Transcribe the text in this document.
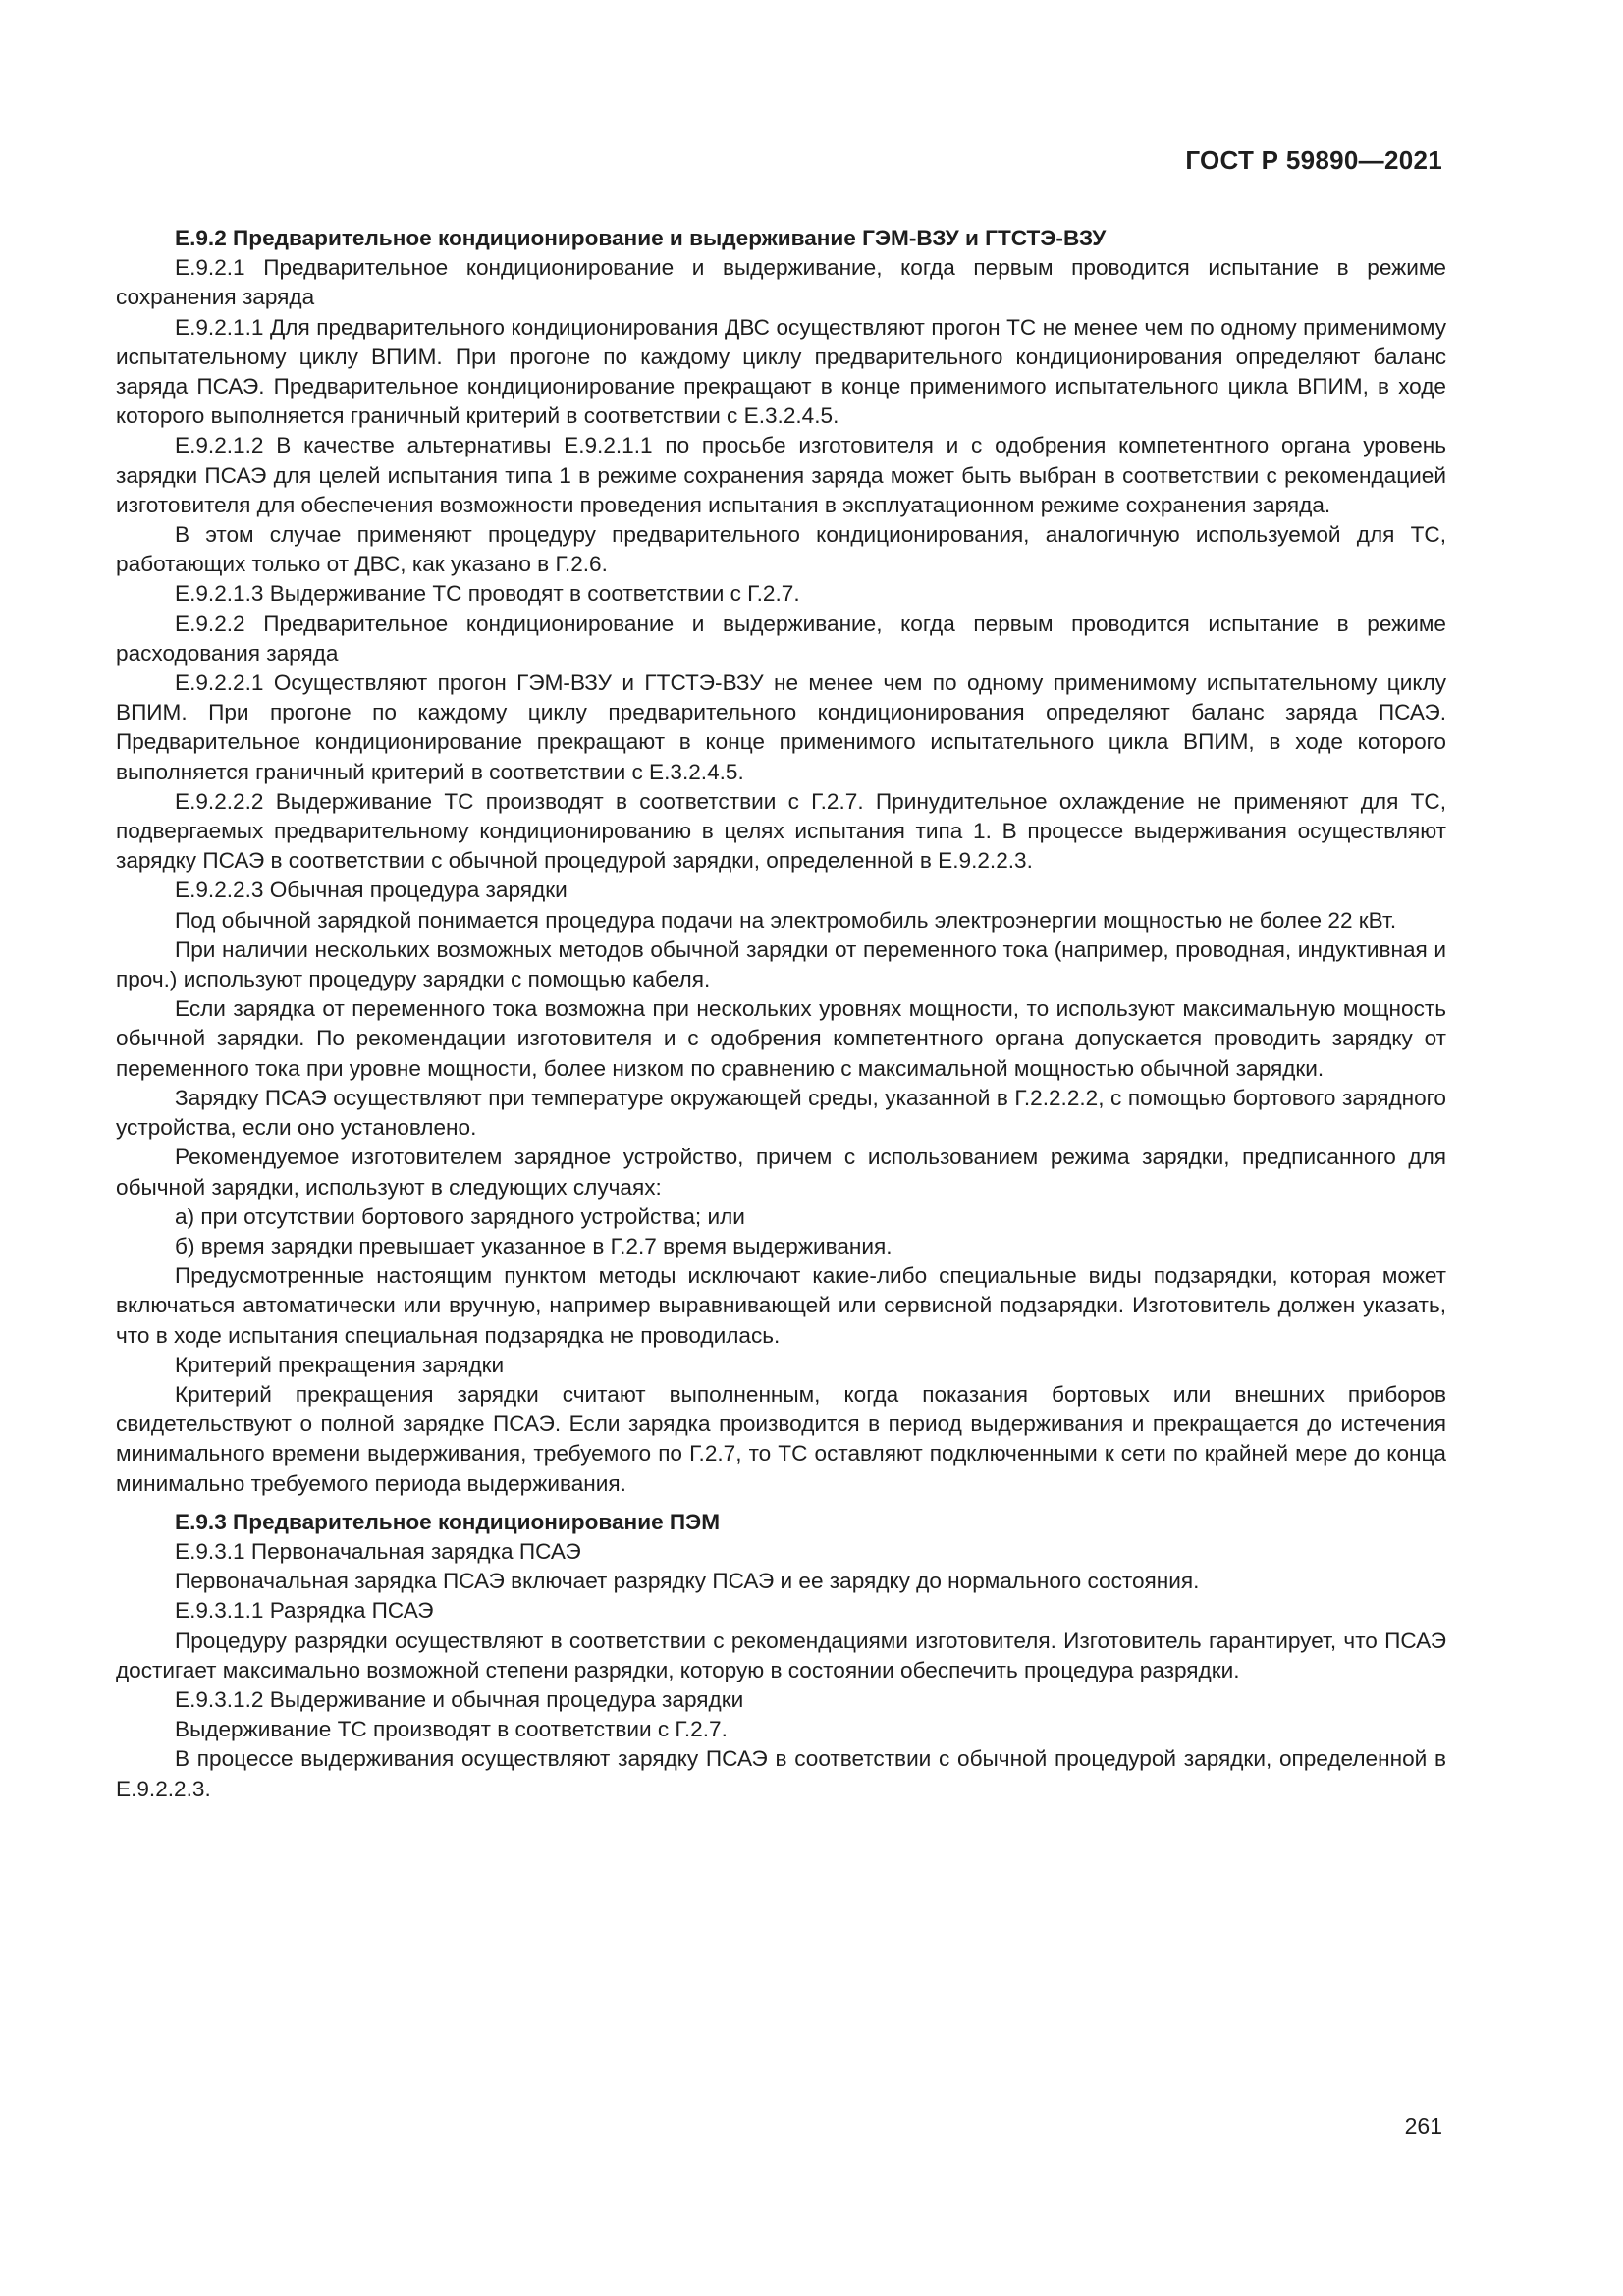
ГОСТ Р 59890—2021

Е.9.2 Предварительное кондиционирование и выдерживание ГЭМ-ВЗУ и ГТСТЭ-ВЗУ

Е.9.2.1 Предварительное кондиционирование и выдерживание, когда первым проводится испытание в режиме сохранения заряда

Е.9.2.1.1 Для предварительного кондиционирования ДВС осуществляют прогон ТС не менее чем по одному применимому испытательному циклу ВПИМ. При прогоне по каждому циклу предварительного кондиционирования определяют баланс заряда ПСАЭ. Предварительное кондиционирование прекращают в конце применимого испытательного цикла ВПИМ, в ходе которого выполняется граничный критерий в соответствии с Е.3.2.4.5.

Е.9.2.1.2 В качестве альтернативы Е.9.2.1.1 по просьбе изготовителя и с одобрения компетентного органа уровень зарядки ПСАЭ для целей испытания типа 1 в режиме сохранения заряда может быть выбран в соответствии с рекомендацией изготовителя для обеспечения возможности проведения испытания в эксплуатационном режиме сохранения заряда.

В этом случае применяют процедуру предварительного кондиционирования, аналогичную используемой для ТС, работающих только от ДВС, как указано в Г.2.6.

Е.9.2.1.3 Выдерживание ТС проводят в соответствии с Г.2.7.

Е.9.2.2 Предварительное кондиционирование и выдерживание, когда первым проводится испытание в режиме расходования заряда

Е.9.2.2.1 Осуществляют прогон ГЭМ-ВЗУ и ГТСТЭ-ВЗУ не менее чем по одному применимому испытательному циклу ВПИМ. При прогоне по каждому циклу предварительного кондиционирования определяют баланс заряда ПСАЭ. Предварительное кондиционирование прекращают в конце применимого испытательного цикла ВПИМ, в ходе которого выполняется граничный критерий в соответствии с Е.3.2.4.5.

Е.9.2.2.2 Выдерживание ТС производят в соответствии с Г.2.7. Принудительное охлаждение не применяют для ТС, подвергаемых предварительному кондиционированию в целях испытания типа 1. В процессе выдерживания осуществляют зарядку ПСАЭ в соответствии с обычной процедурой зарядки, определенной в Е.9.2.2.3.

Е.9.2.2.3 Обычная процедура зарядки

Под обычной зарядкой понимается процедура подачи на электромобиль электроэнергии мощностью не более 22 кВт.

При наличии нескольких возможных методов обычной зарядки от переменного тока (например, проводная, индуктивная и проч.) используют процедуру зарядки с помощью кабеля.

Если зарядка от переменного тока возможна при нескольких уровнях мощности, то используют максимальную мощность обычной зарядки. По рекомендации изготовителя и с одобрения компетентного органа допускается проводить зарядку от переменного тока при уровне мощности, более низком по сравнению с максимальной мощностью обычной зарядки.

Зарядку ПСАЭ осуществляют при температуре окружающей среды, указанной в Г.2.2.2.2, с помощью бортового зарядного устройства, если оно установлено.

Рекомендуемое изготовителем зарядное устройство, причем с использованием режима зарядки, предписанного для обычной зарядки, используют в следующих случаях:

а) при отсутствии бортового зарядного устройства; или

б) время зарядки превышает указанное в Г.2.7 время выдерживания.

Предусмотренные настоящим пунктом методы исключают какие-либо специальные виды подзарядки, которая может включаться автоматически или вручную, например выравнивающей или сервисной подзарядки. Изготовитель должен указать, что в ходе испытания специальная подзарядка не проводилась.

Критерий прекращения зарядки

Критерий прекращения зарядки считают выполненным, когда показания бортовых или внешних приборов свидетельствуют о полной зарядке ПСАЭ. Если зарядка производится в период выдерживания и прекращается до истечения минимального времени выдерживания, требуемого по Г.2.7, то ТС оставляют подключенными к сети по крайней мере до конца минимально требуемого периода выдерживания.

Е.9.3 Предварительное кондиционирование ПЭМ

Е.9.3.1 Первоначальная зарядка ПСАЭ

Первоначальная зарядка ПСАЭ включает разрядку ПСАЭ и ее зарядку до нормального состояния.

Е.9.3.1.1 Разрядка ПСАЭ

Процедуру разрядки осуществляют в соответствии с рекомендациями изготовителя. Изготовитель гарантирует, что ПСАЭ достигает максимально возможной степени разрядки, которую в состоянии обеспечить процедура разрядки.

Е.9.3.1.2 Выдерживание и обычная процедура зарядки

Выдерживание ТС производят в соответствии с Г.2.7.

В процессе выдерживания осуществляют зарядку ПСАЭ в соответствии с обычной процедурой зарядки, определенной в Е.9.2.2.3.

261
